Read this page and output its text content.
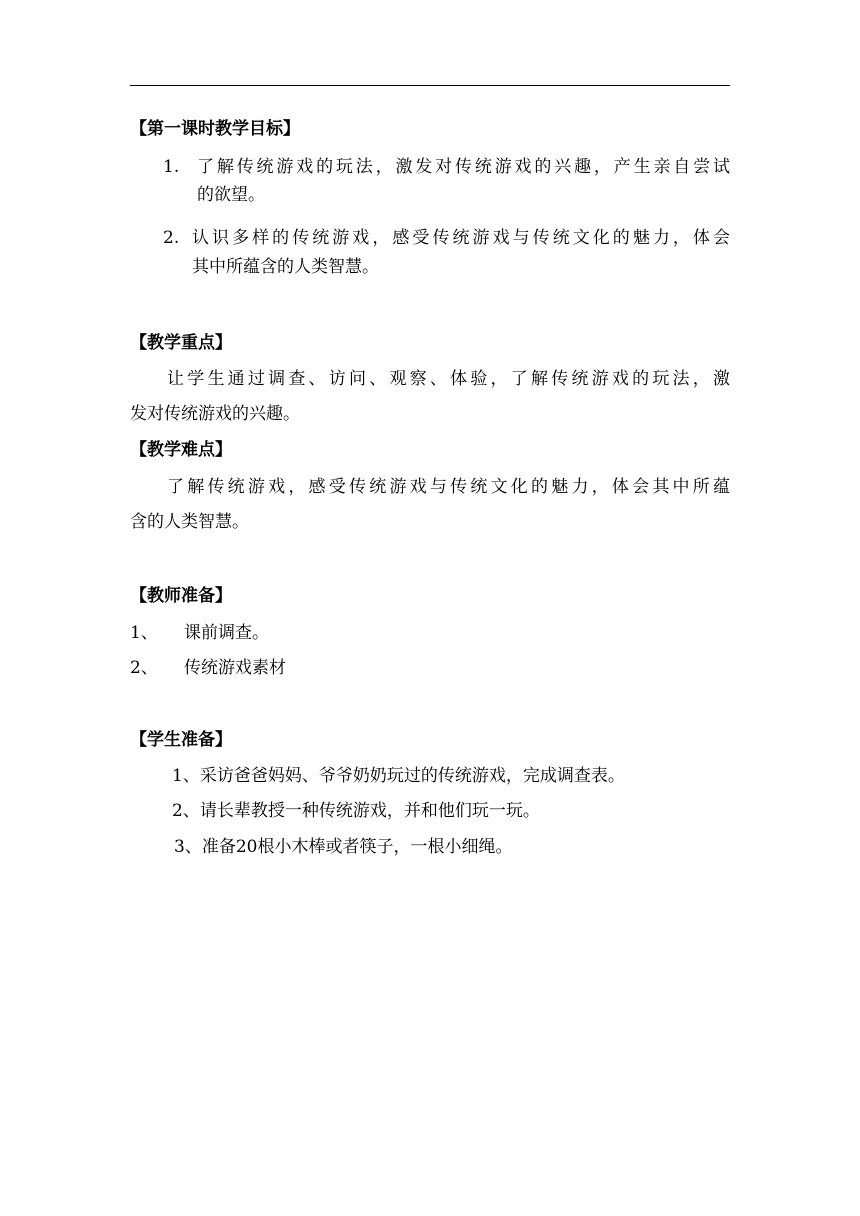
【第一课时教学目标】
1. 了解传统游戏的玩法，激发对传统游戏的兴趣，产生亲自尝试
的欲望。
2. 认识多样的传统游戏，感受传统游戏与传统文化的魅力，体会
其中所蕴含的人类智慧。
【教学重点】
让学生通过调查、访问、观察、体验，了解传统游戏的玩法，激
发对传统游戏的兴趣。
【教学难点】
了解传统游戏，感受传统游戏与传统文化的魅力，体会其中所蕴
含的人类智慧。
【教师准备】
1、 课前调查。
2、 传统游戏素材
【学生准备】
1、采访爸爸妈妈、爷爷奶奶玩过的传统游戏，完成调查表。
2、请长辈教授一种传统游戏，并和他们玩一玩。
3、准备20根小木棒或者筷子，一根小细绳。
